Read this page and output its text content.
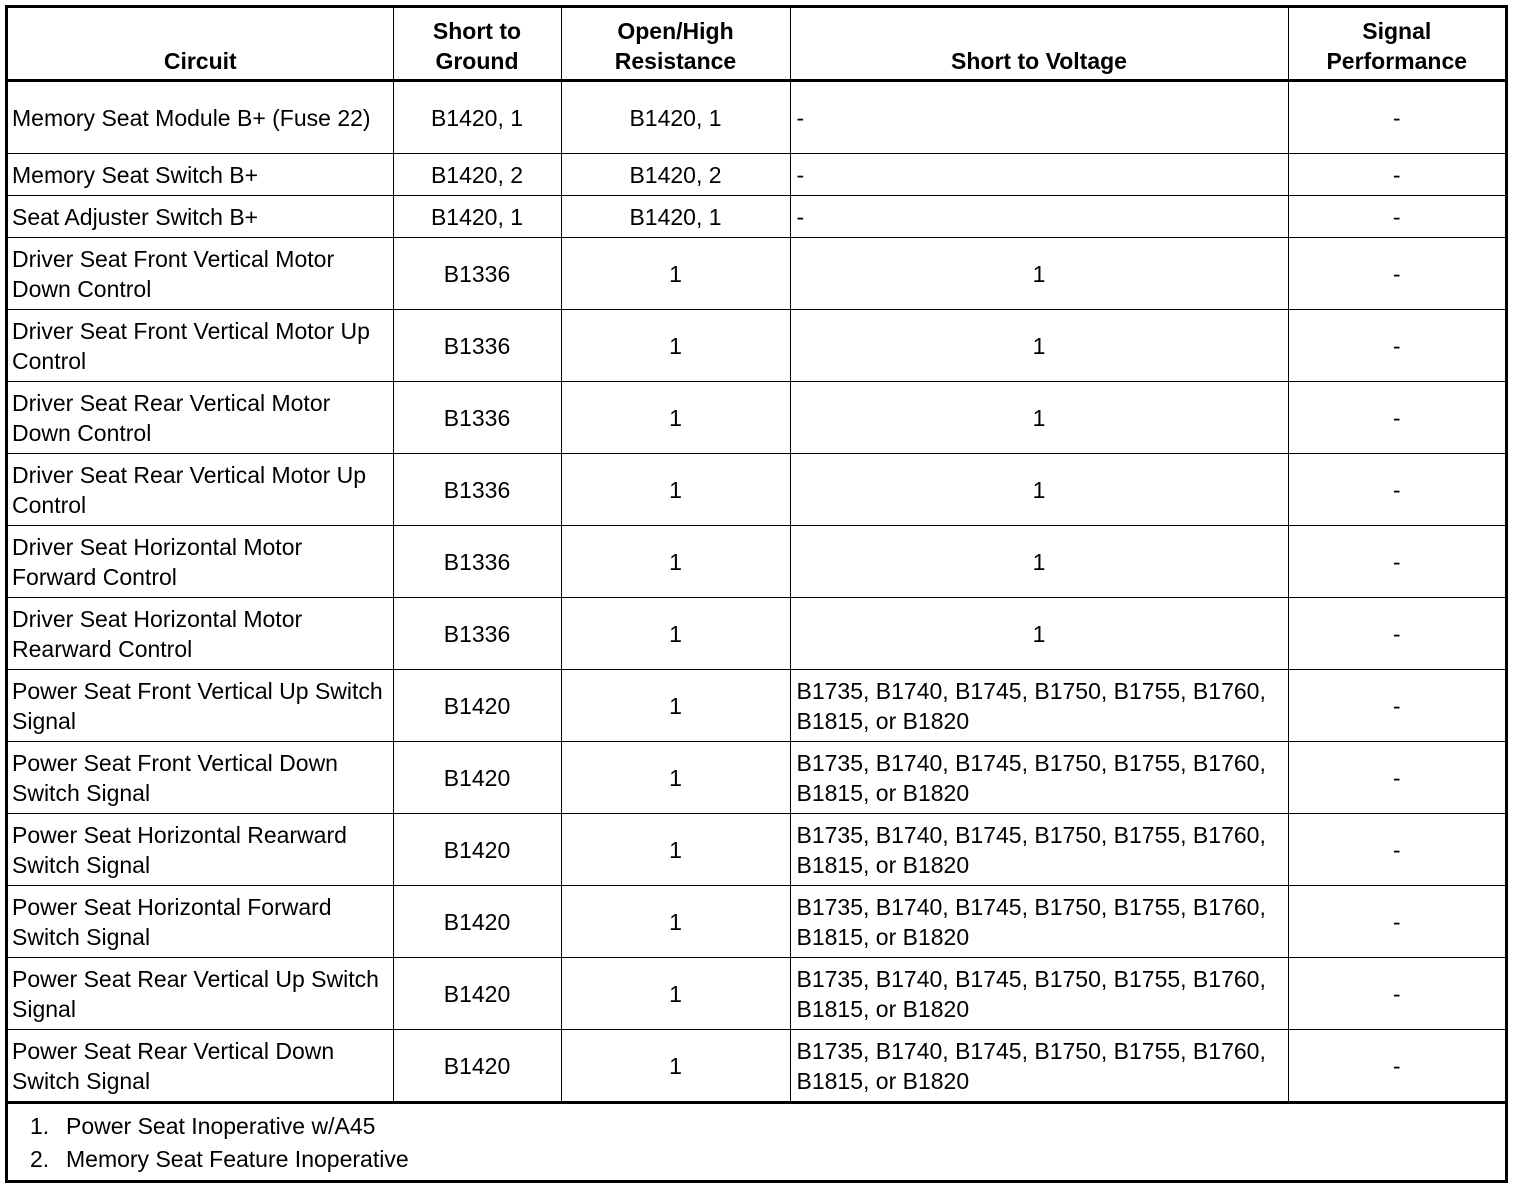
Circuit	Short to Ground	Open/High Resistance	Short to Voltage	Signal Performance
Memory Seat Module B+ (Fuse 22)	B1420, 1	B1420, 1	-	-
Memory Seat Switch B+	B1420, 2	B1420, 2	-	-
Seat Adjuster Switch B+	B1420, 1	B1420, 1	-	-
Driver Seat Front Vertical Motor Down Control	B1336	1	1	-
Driver Seat Front Vertical Motor Up Control	B1336	1	1	-
Driver Seat Rear Vertical Motor Down Control	B1336	1	1	-
Driver Seat Rear Vertical Motor Up Control	B1336	1	1	-
Driver Seat Horizontal Motor Forward Control	B1336	1	1	-
Driver Seat Horizontal Motor Rearward Control	B1336	1	1	-
Power Seat Front Vertical Up Switch Signal	B1420	1	B1735, B1740, B1745, B1750, B1755, B1760, B1815, or B1820	-
Power Seat Front Vertical Down Switch Signal	B1420	1	B1735, B1740, B1745, B1750, B1755, B1760, B1815, or B1820	-
Power Seat Horizontal Rearward Switch Signal	B1420	1	B1735, B1740, B1745, B1750, B1755, B1760, B1815, or B1820	-
Power Seat Horizontal Forward Switch Signal	B1420	1	B1735, B1740, B1745, B1750, B1755, B1760, B1815, or B1820	-
Power Seat Rear Vertical Up Switch Signal	B1420	1	B1735, B1740, B1745, B1750, B1755, B1760, B1815, or B1820	-
Power Seat Rear Vertical Down Switch Signal	B1420	1	B1735, B1740, B1745, B1750, B1755, B1760, B1815, or B1820	-
1. Power Seat Inoperative w/A45
2. Memory Seat Feature Inoperative
